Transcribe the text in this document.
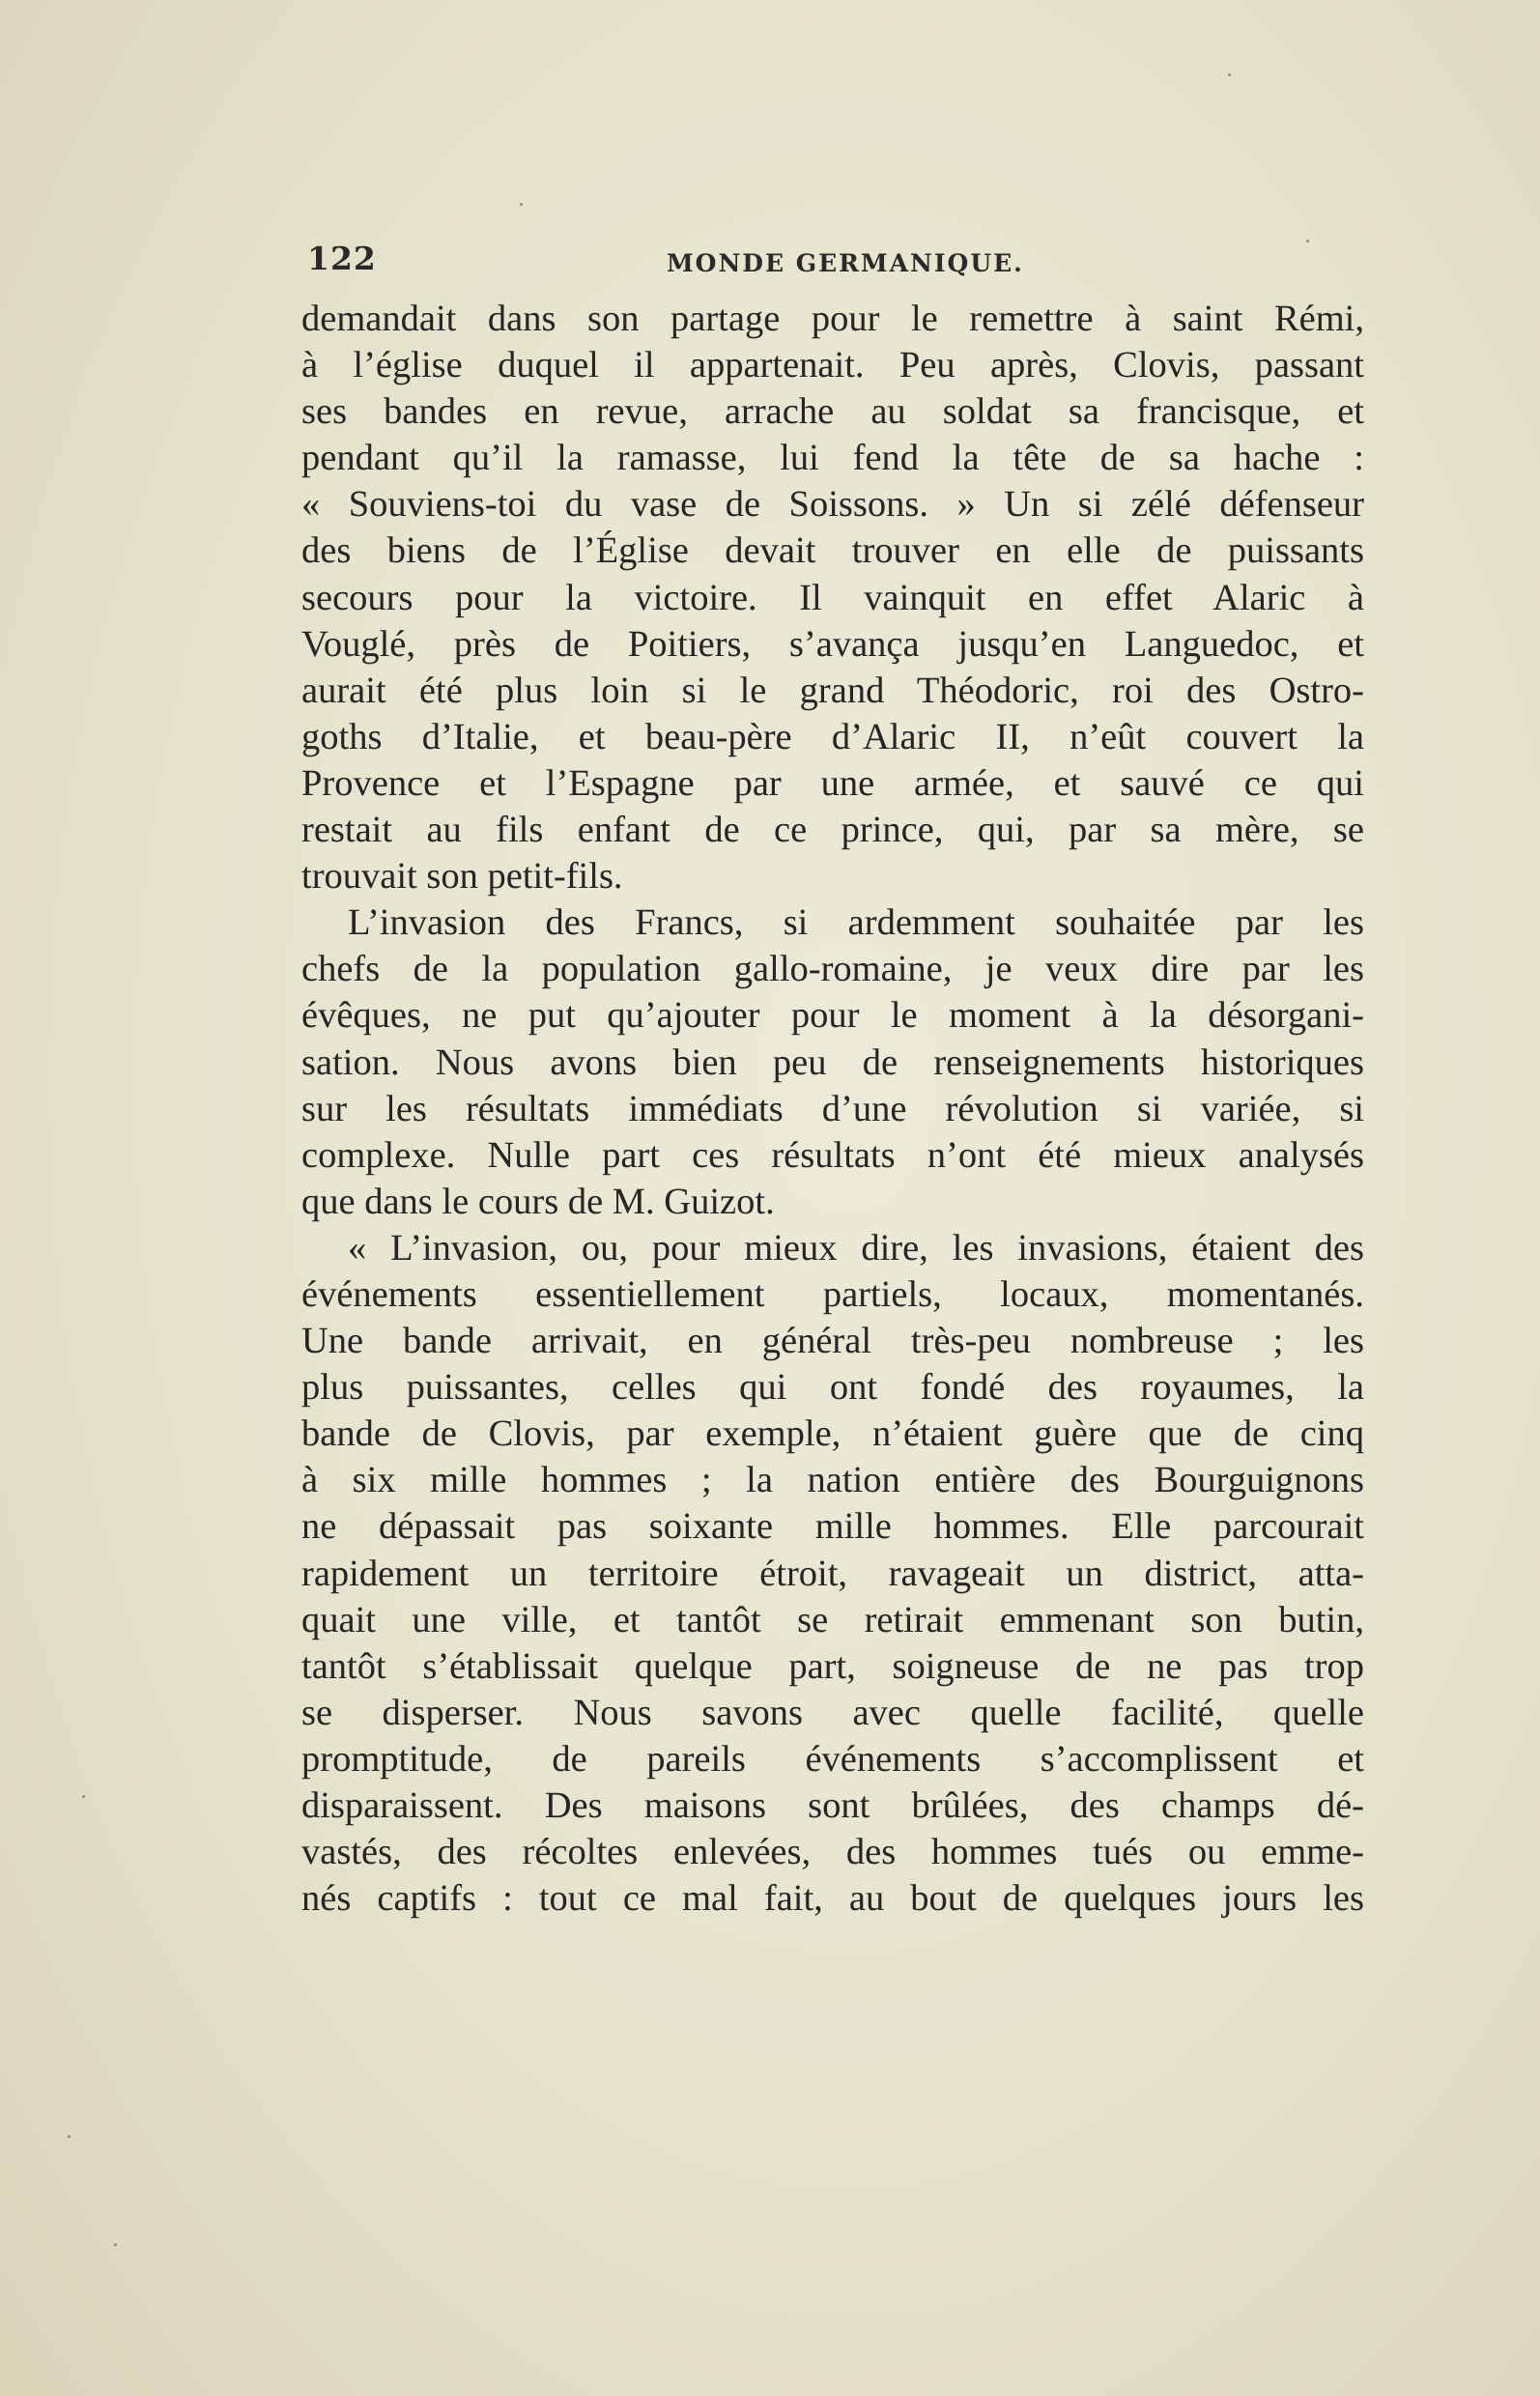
122	MONDE GERMANIQUE.
demandait dans son partage pour le remettre à saint Rémi,
à l’église duquel il appartenait. Peu après, Clovis, passant
ses bandes en revue, arrache au soldat sa francisque, et
pendant qu’il la ramasse, lui fend la tête de sa hache :
« Souviens-toi du vase de Soissons. » Un si zélé défenseur
des biens de l’Église devait trouver en elle de puissants
secours pour la victoire. Il vainquit en effet Alaric à
Vouglé, près de Poitiers, s’avança jusqu’en Languedoc, et
aurait été plus loin si le grand Théodoric, roi des Ostro-
goths d’Italie, et beau-père d’Alaric II, n’eût couvert la
Provence et l’Espagne par une armée, et sauvé ce qui
restait au fils enfant de ce prince, qui, par sa mère, se
trouvait son petit-fils.
L’invasion des Francs, si ardemment souhaitée par les
chefs de la population gallo-romaine, je veux dire par les
évêques, ne put qu’ajouter pour le moment à la désorgani-
sation. Nous avons bien peu de renseignements historiques
sur les résultats immédiats d’une révolution si variée, si
complexe. Nulle part ces résultats n’ont été mieux analysés
que dans le cours de M. Guizot.
« L’invasion, ou, pour mieux dire, les invasions, étaient des
événements essentiellement partiels, locaux, momentanés.
Une bande arrivait, en général très-peu nombreuse ; les
plus puissantes, celles qui ont fondé des royaumes, la
bande de Clovis, par exemple, n’étaient guère que de cinq
à six mille hommes ; la nation entière des Bourguignons
ne dépassait pas soixante mille hommes. Elle parcourait
rapidement un territoire étroit, ravageait un district, atta-
quait une ville, et tantôt se retirait emmenant son butin,
tantôt s’établissait quelque part, soigneuse de ne pas trop
se disperser. Nous savons avec quelle facilité, quelle
promptitude, de pareils événements s’accomplissent et
disparaissent. Des maisons sont brûlées, des champs dé-
vastés, des récoltes enlevées, des hommes tués ou emme-
nés captifs : tout ce mal fait, au bout de quelques jours les
